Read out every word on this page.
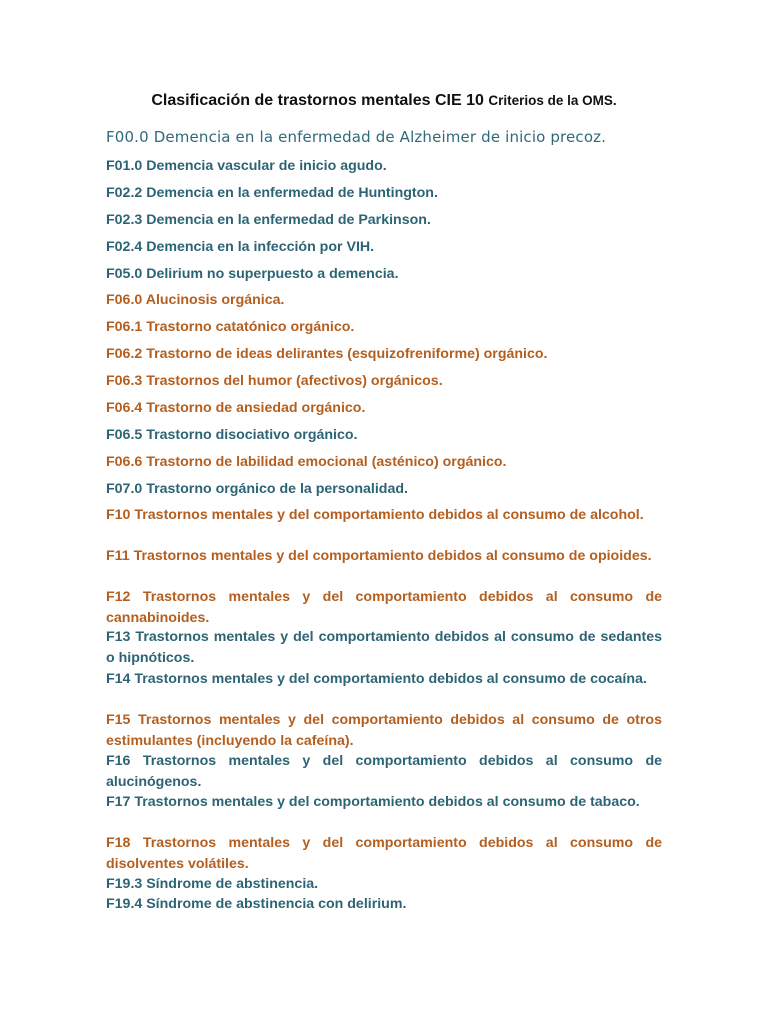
Clasificación de trastornos mentales CIE 10 Criterios de la OMS.
F00.0 Demencia en la enfermedad de Alzheimer de inicio precoz.
F01.0 Demencia vascular de inicio agudo.
F02.2 Demencia en la enfermedad de Huntington.
F02.3 Demencia en la enfermedad de Parkinson.
F02.4 Demencia en la infección por VIH.
F05.0 Delirium no superpuesto a demencia.
F06.0 Alucinosis orgánica.
F06.1 Trastorno catatónico orgánico.
F06.2 Trastorno de ideas delirantes (esquizofreniforme) orgánico.
F06.3 Trastornos del humor (afectivos) orgánicos.
F06.4 Trastorno de ansiedad orgánico.
F06.5 Trastorno disociativo orgánico.
F06.6 Trastorno de labilidad emocional (asténico) orgánico.
F07.0 Trastorno orgánico de la personalidad.
F10 Trastornos mentales y del comportamiento debidos al consumo de alcohol.
F11 Trastornos mentales y del comportamiento debidos al consumo de opioides.
F12 Trastornos mentales y del comportamiento debidos al consumo de cannabinoides.
F13 Trastornos mentales y del comportamiento debidos al consumo de sedantes o hipnóticos.
F14 Trastornos mentales y del comportamiento debidos al consumo de cocaína.
F15 Trastornos mentales y del comportamiento debidos al consumo de otros estimulantes (incluyendo la cafeína).
F16 Trastornos mentales y del comportamiento debidos al consumo de alucinógenos.
F17 Trastornos mentales y del comportamiento debidos al consumo de tabaco.
F18 Trastornos mentales y del comportamiento debidos al consumo de disolventes volátiles.
F19.3 Síndrome de abstinencia.
F19.4 Síndrome de abstinencia con delirium.
